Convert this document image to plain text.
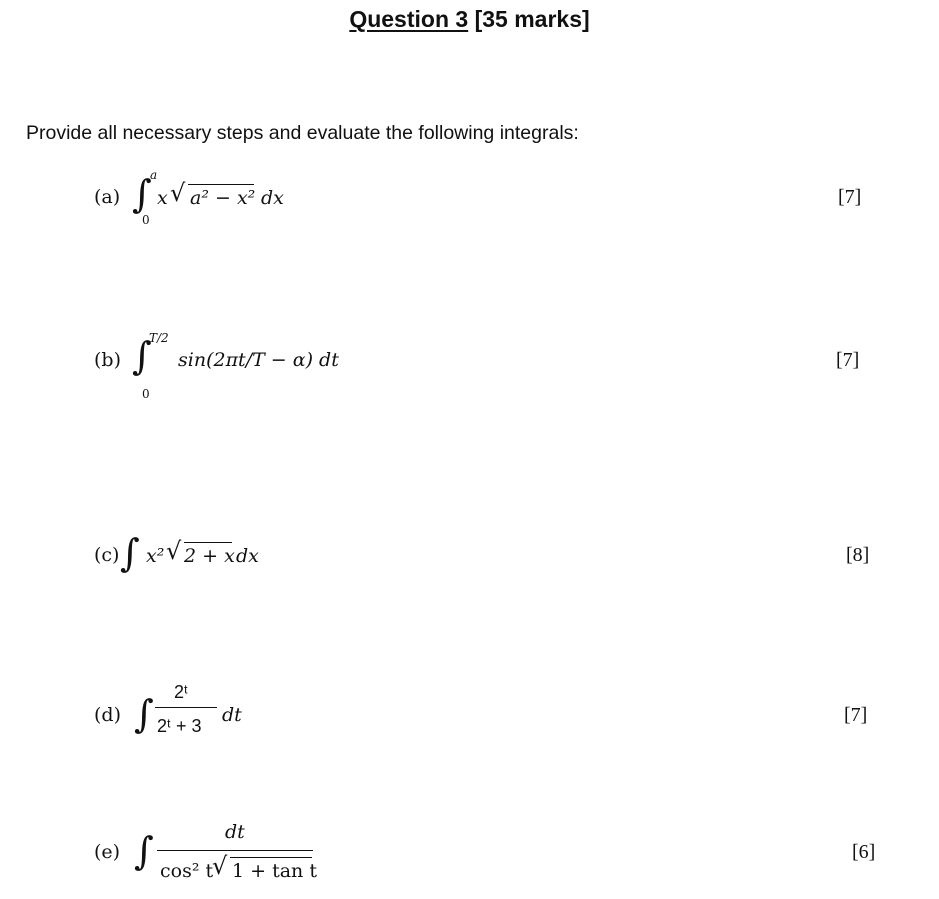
Question 3 [35 marks]
Provide all necessary steps and evaluate the following integrals:
(a) ∫
a
0
x √ a² − x² dx	[7]
(b) ∫
T/2
0
sin(2πt/T − α) dt	[7]
(c) ∫ x² √ 2 + x dx	[8]
(d) ∫ 2ᵗ
2ᵗ + 3 dt	[7]
(e) ∫	dt
cos² t
√ 1 + tan t
[6]
